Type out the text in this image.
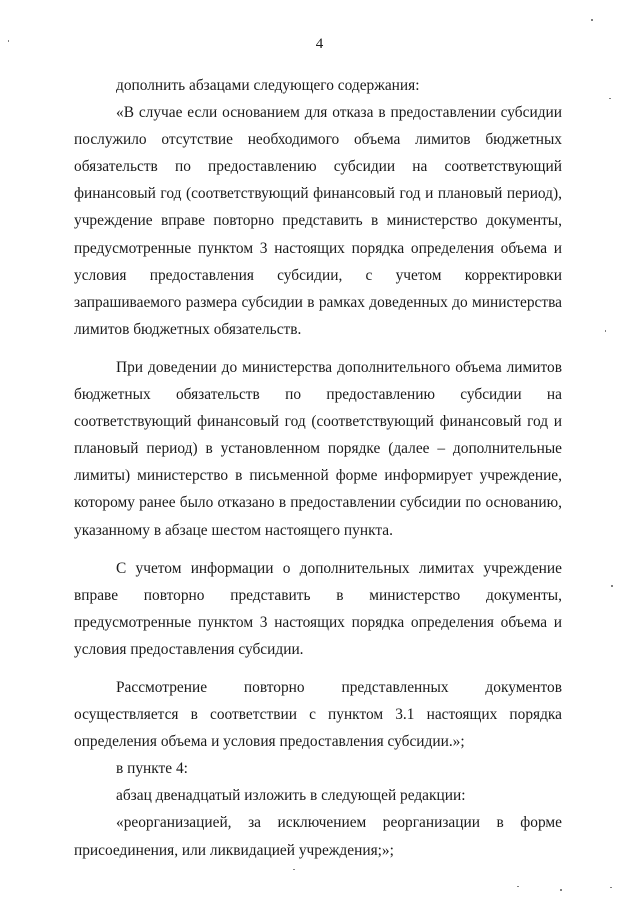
4

дополнить абзацами следующего содержания:

«В случае если основанием для отказа в предоставлении субсидии послужило отсутствие необходимого объема лимитов бюджетных обязательств по предоставлению субсидии на соответствующий финансовый год (соответствующий финансовый год и плановый период), учреждение вправе повторно представить в министерство документы, предусмотренные пунктом 3 настоящих порядка определения объема и условия предоставления субсидии, с учетом корректировки запрашиваемого размера субсидии в рамках доведенных до министерства лимитов бюджетных обязательств.

При доведении до министерства дополнительного объема лимитов бюджетных обязательств по предоставлению субсидии на соответствующий финансовый год (соответствующий финансовый год и плановый период) в установленном порядке (далее – дополнительные лимиты) министерство в письменной форме информирует учреждение, которому ранее было отказано в предоставлении субсидии по основанию, указанному в абзаце шестом настоящего пункта.

С учетом информации о дополнительных лимитах учреждение вправе повторно представить в министерство документы, предусмотренные пунктом 3 настоящих порядка определения объема и условия предоставления субсидии.

Рассмотрение повторно представленных документов осуществляется в соответствии с пунктом 3.1 настоящих порядка определения объема и условия предоставления субсидии.»;

в пункте 4:

абзац двенадцатый изложить в следующей редакции:

«реорганизацией, за исключением реорганизации в форме присоединения, или ликвидацией учреждения;»;
